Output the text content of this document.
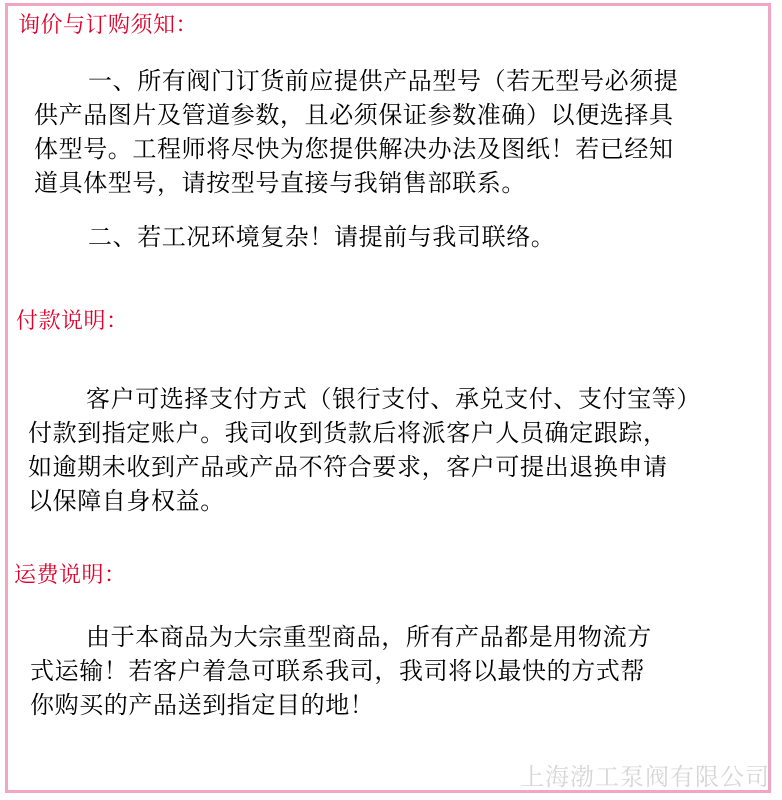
询价与订购须知：

一、所有阀门订货前应提供产品型号（若无型号必须提

供产品图片及管道参数，且必须保证参数准确）以便选择具

体型号。工程师将尽快为您提供解决办法及图纸！若已经知

道具体型号，请按型号直接与我销售部联系。

二、若工况环境复杂！请提前与我司联络。

付款说明：

客户可选择支付方式（银行支付、承兑支付、支付宝等）

付款到指定账户。我司收到货款后将派客户人员确定跟踪，

如逾期未收到产品或产品不符合要求，客户可提出退换申请

以保障自身权益。

运费说明：

由于本商品为大宗重型商品，所有产品都是用物流方

式运输！若客户着急可联系我司，我司将以最快的方式帮

你购买的产品送到指定目的地！

上海渤工泵阀有限公司
